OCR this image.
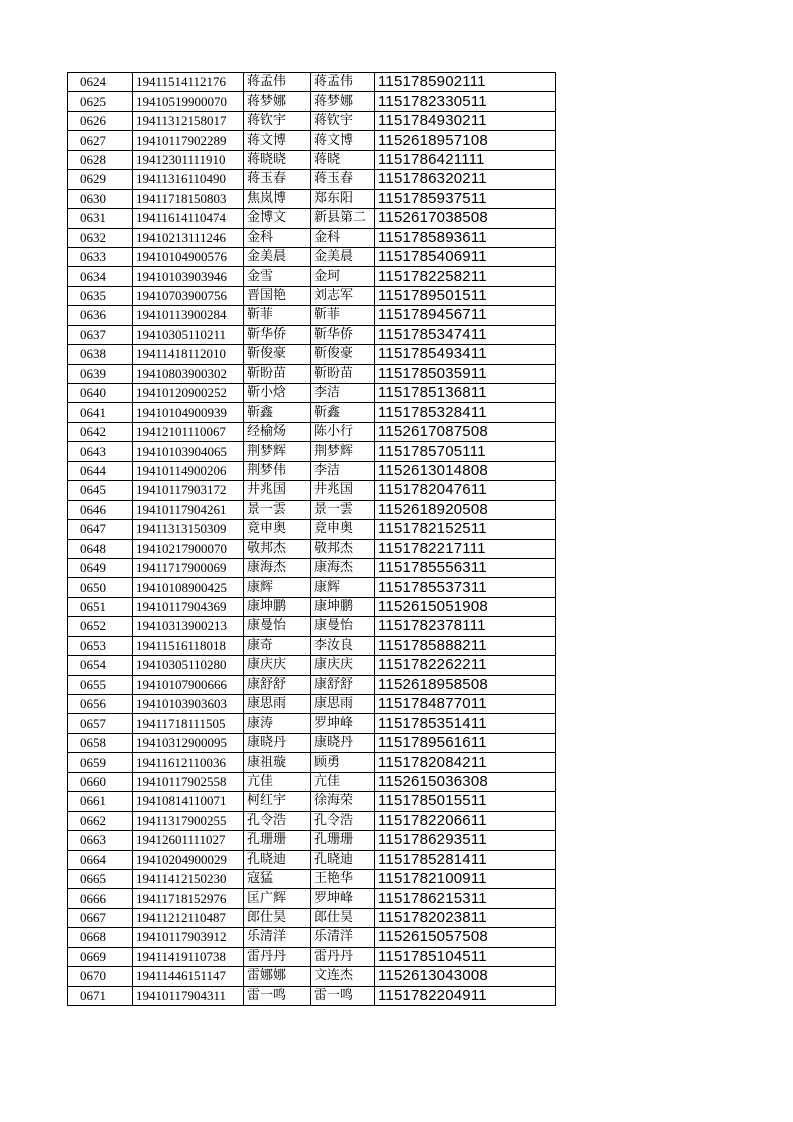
0624	19411514112176	蒋孟伟	蒋孟伟	1151785902111
0625	19410519900070	蒋梦娜	蒋梦娜	1151782330511
0626	19411312158017	蒋钦宇	蒋钦宇	1151784930211
0627	19410117902289	蒋文博	蒋文博	1152618957108
0628	19412301111910	蒋晓晓	蒋晓	1151786421111
0629	19411316110490	蒋玉春	蒋玉春	1151786320211
0630	19411718150803	焦岚博	郑东阳	1151785937511
0631	19411614110474	金博文	新县第二	1152617038508
0632	19410213111246	金科	金科	1151785893611
0633	19410104900576	金美晨	金美晨	1151785406911
0634	19410103903946	金雪	金珂	1151782258211
0635	19410703900756	晋国艳	刘志军	1151789501511
0636	19410113900284	靳菲	靳菲	1151789456711
0637	19410305110211	靳华侨	靳华侨	1151785347411
0638	19411418112010	靳俊豪	靳俊豪	1151785493411
0639	19410803900302	靳盼苗	靳盼苗	1151785035911
0640	19410120900252	靳小焓	李洁	1151785136811
0641	19410104900939	靳鑫	靳鑫	1151785328411
0642	19412101110067	经榆炀	陈小行	1152617087508
0643	19410103904065	荆梦辉	荆梦辉	1151785705111
0644	19410114900206	荆梦伟	李洁	1152613014808
0645	19410117903172	井兆国	井兆国	1151782047611
0646	19410117904261	景一雲	景一雲	1152618920508
0647	19411313150309	竟申奥	竟申奥	1151782152511
0648	19410217900070	敬邦杰	敬邦杰	1151782217111
0649	19411717900069	康海杰	康海杰	1151785556311
0650	19410108900425	康辉	康辉	1151785537311
0651	19410117904369	康坤鹏	康坤鹏	1152615051908
0652	19410313900213	康曼怡	康曼怡	1151782378111
0653	19411516118018	康奇	李汝良	1151785888211
0654	19410305110280	康庆庆	康庆庆	1151782262211
0655	19410107900666	康舒舒	康舒舒	1152618958508
0656	19410103903603	康思雨	康思雨	1151784877011
0657	19411718111505	康涛	罗坤峰	1151785351411
0658	19410312900095	康晓丹	康晓丹	1151789561611
0659	19411612110036	康祖璇	顾勇	1151782084211
0660	19410117902558	亢佳	亢佳	1152615036308
0661	19410814110071	柯红宇	徐海荣	1151785015511
0662	19411317900255	孔令浩	孔令浩	1151782206611
0663	19412601111027	孔珊珊	孔珊珊	1151786293511
0664	19410204900029	孔晓迪	孔晓迪	1151785281411
0665	19411412150230	寇猛	王艳华	1151782100911
0666	19411718152976	匡广辉	罗坤峰	1151786215311
0667	19411212110487	郎仕昊	郎仕昊	1151782023811
0668	19410117903912	乐清洋	乐清洋	1152615057508
0669	19411419110738	雷丹丹	雷丹丹	1151785104511
0670	19411446151147	雷娜娜	文连杰	1152613043008
0671	19410117904311	雷一鸣	雷一鸣	1151782204911
